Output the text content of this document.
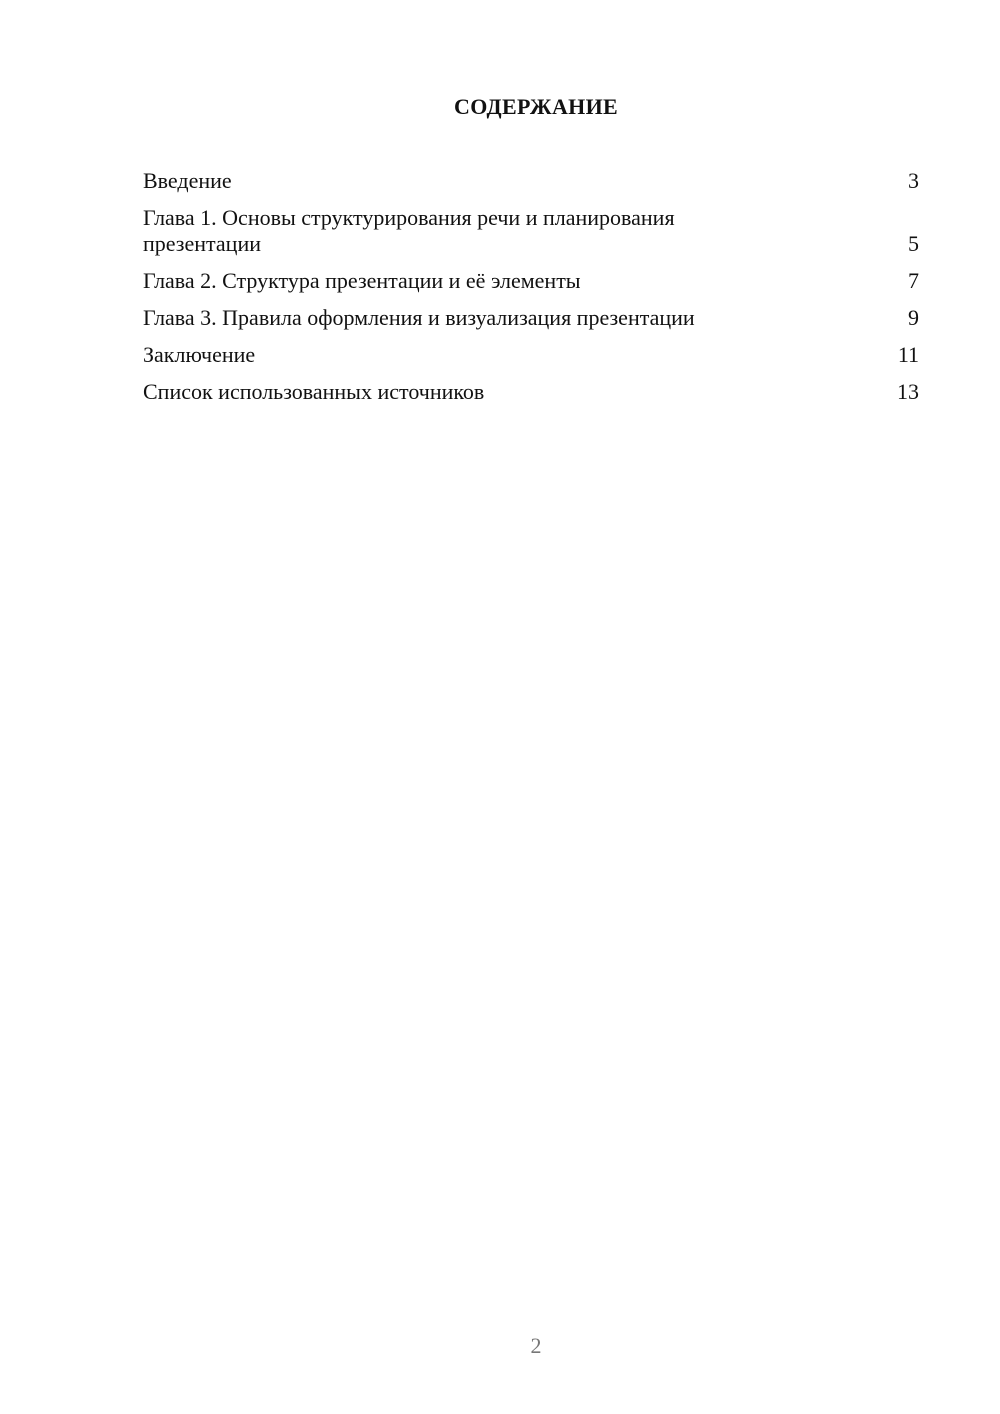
СОДЕРЖАНИЕ
Введение	3
Глава 1. Основы структурирования речи и планирования презентации	5
Глава 2. Структура презентации и её элементы	7
Глава 3. Правила оформления и визуализация презентации	9
Заключение	11
Список использованных источников	13
2
